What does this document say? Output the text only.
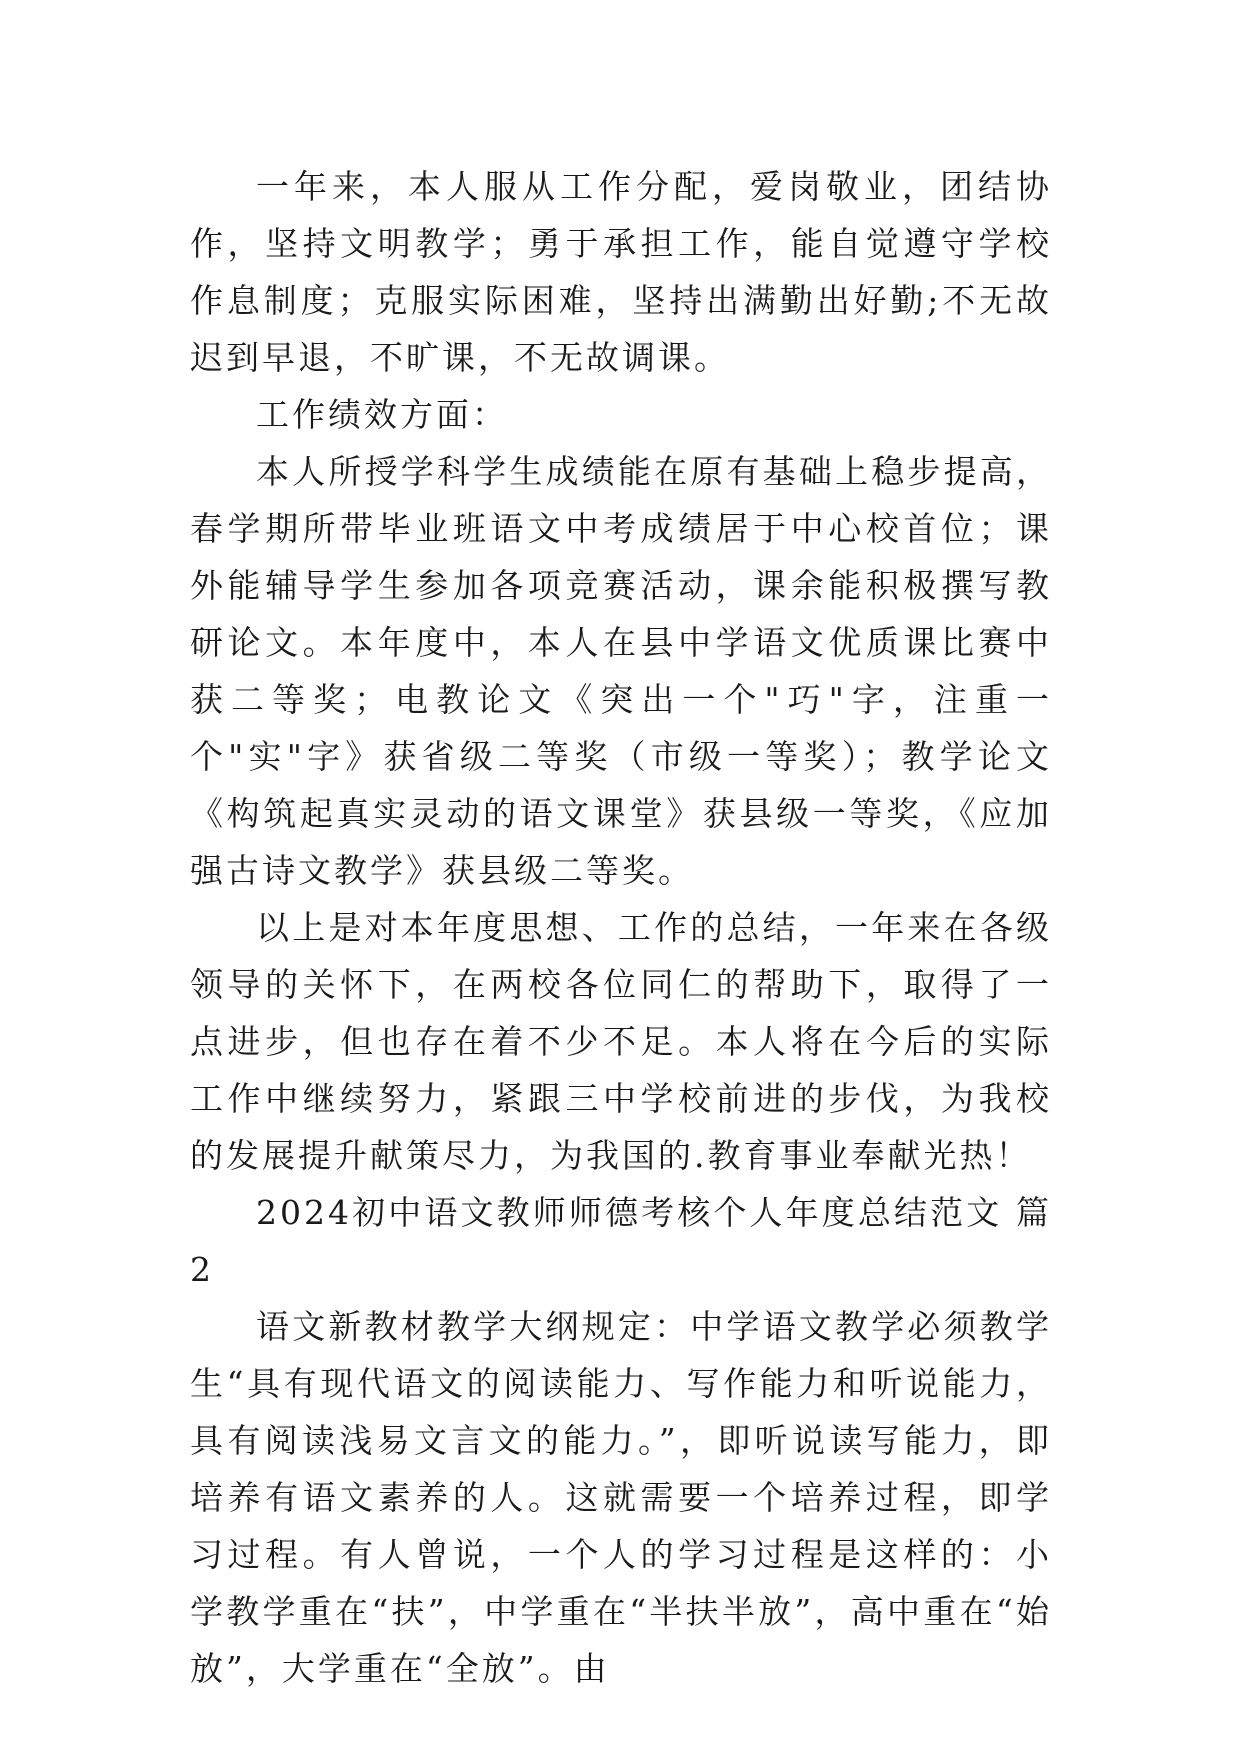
一年来，本人服从工作分配，爱岗敬业，团结协作，坚持文明教学；勇于承担工作，能自觉遵守学校作息制度；克服实际困难，坚持出满勤出好勤;不无故迟到早退，不旷课，不无故调课。

工作绩效方面：

本人所授学科学生成绩能在原有基础上稳步提高，春学期所带毕业班语文中考成绩居于中心校首位；课外能辅导学生参加各项竞赛活动，课余能积极撰写教研论文。本年度中，本人在县中学语文优质课比赛中获二等奖；电教论文《突出一个"巧"字，注重一个"实"字》获省级二等奖（市级一等奖）；教学论文《构筑起真实灵动的语文课堂》获县级一等奖，《应加强古诗文教学》获县级二等奖。

以上是对本年度思想、工作的总结，一年来在各级领导的关怀下，在两校各位同仁的帮助下，取得了一点进步，但也存在着不少不足。本人将在今后的实际工作中继续努力，紧跟三中学校前进的步伐，为我校的发展提升献策尽力，为我国的.教育事业奉献光热！

2024初中语文教师师德考核个人年度总结范文 篇2

语文新教材教学大纲规定：中学语文教学必须教学生“具有现代语文的阅读能力、写作能力和听说能力，具有阅读浅易文言文的能力。”，即听说读写能力，即培养有语文素养的人。这就需要一个培养过程，即学习过程。有人曾说，一个人的学习过程是这样的：小学教学重在“扶”，中学重在“半扶半放”，高中重在“始放”，大学重在“全放”。由
